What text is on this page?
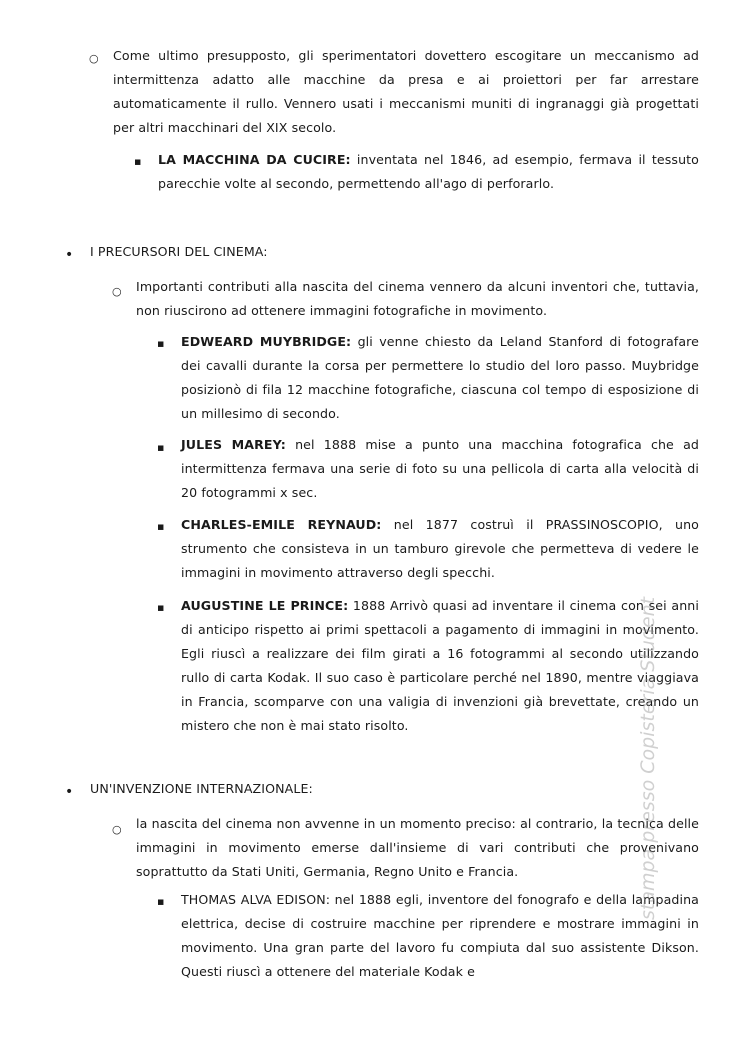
○ Come ultimo presupposto, gli sperimentatori dovettero escogitare un meccanismo ad intermittenza adatto alle macchine da presa e ai proiettori per far arrestare automaticamente il rullo. Vennero usati i meccanismi muniti di ingranaggi già progettati per altri macchinari del XIX secolo.
▪ LA MACCHINA DA CUCIRE: inventata nel 1846, ad esempio, fermava il tessuto parecchie volte al secondo, permettendo all'ago di perforarlo.
• I PRECURSORI DEL CINEMA:
○ Importanti contributi alla nascita del cinema vennero da alcuni inventori che, tuttavia, non riuscirono ad ottenere immagini fotografiche in movimento.
▪ EDWEARD MUYBRIDGE: gli venne chiesto da Leland Stanford di fotografare dei cavalli durante la corsa per permettere lo studio del loro passo. Muybridge posizionò di fila 12 macchine fotografiche, ciascuna col tempo di esposizione di un millesimo di secondo.
▪ JULES MAREY: nel 1888 mise a punto una macchina fotografica che ad intermittenza fermava una serie di foto su una pellicola di carta alla velocità di 20 fotogrammi x sec.
▪ CHARLES-EMILE REYNAUD: nel 1877 costruì il PRASSINOSCOPIO, uno strumento che consisteva in un tamburo girevole che permetteva di vedere le immagini in movimento attraverso degli specchi.
▪ AUGUSTINE LE PRINCE: 1888 Arrivò quasi ad inventare il cinema con sei anni di anticipo rispetto ai primi spettacoli a pagamento di immagini in movimento. Egli riuscì a realizzare dei film girati a 16 fotogrammi al secondo utilizzando rullo di carta Kodak. Il suo caso è particolare perché nel 1890, mentre viaggiava in Francia, scomparve con una valigia di invenzioni già brevettate, creando un mistero che non è mai stato risolto.
• UN'INVENZIONE INTERNAZIONALE:
○ la nascita del cinema non avvenne in un momento preciso: al contrario, la tecnica delle immagini in movimento emerse dall'insieme di vari contributi che provenivano soprattutto da Stati Uniti, Germania, Regno Unito e Francia.
▪ THOMAS ALVA EDISON: nel 1888 egli, inventore del fonografo e della lampadina elettrica, decise di costruire macchine per riprendere e mostrare immagini in movimento. Una gran parte del lavoro fu compiuta dal suo assistente Dikson. Questi riuscì a ottenere del materiale Kodak e
stampa presso Copisteria Student
